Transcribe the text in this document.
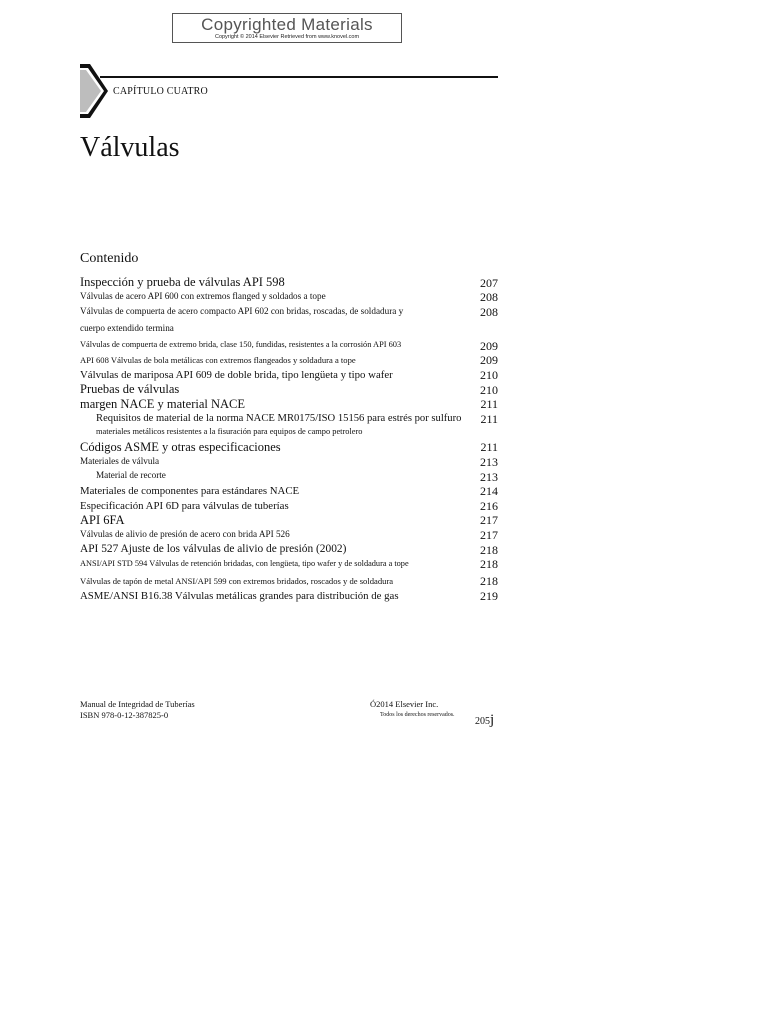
Copyrighted Materials
Copyright © 2014 Elsevier Retrieved from www.knovel.com
CAPÍTULO CUATRO
Válvulas
Contenido
Inspección y prueba de válvulas API 598	207
Válvulas de acero API 600 con extremos flanged y soldados a tope	208
Válvulas de compuerta de acero compacto API 602 con bridas, roscadas, de soldadura y	208
cuerpo extendido termina
Válvulas de compuerta de extremo brida, clase 150, fundidas, resistentes a la corrosión API 603	209
API 608 Válvulas de bola metálicas con extremos flangeados y soldadura a tope	209
Válvulas de mariposa API 609 de doble brida, tipo lengüeta y tipo wafer	210
Pruebas de válvulas	210
margen NACE y material NACE	211
Requisitos de material de la norma NACE MR0175/ISO 15156 para estrés por sulfuro 211
materiales metálicos resistentes a la fisuración para equipos de campo petrolero
Códigos ASME y otras especificaciones	211
Materiales de válvula	213
Material de recorte	213
Materiales de componentes para estándares NACE	214
Especificación API 6D para válvulas de tuberías	216
API 6FA	217
Válvulas de alivio de presión de acero con brida API 526	217
API 527 Ajuste de los válvulas de alivio de presión (2002)	218
ANSI/API STD 594 Válvulas de retención bridadas, con lengüeta, tipo wafer y de soldadura a tope	218
Válvulas de tapón de metal ANSI/API 599 con extremos bridados, roscados y de soldadura	218
ASME/ANSI B16.38 Válvulas metálicas grandes para distribución de gas	219
Manual de Integridad de Tuberías
ISBN 978-0-12-387825-0
Ó2014 Elsevier Inc.
Todos los derechos reservados.
205j
